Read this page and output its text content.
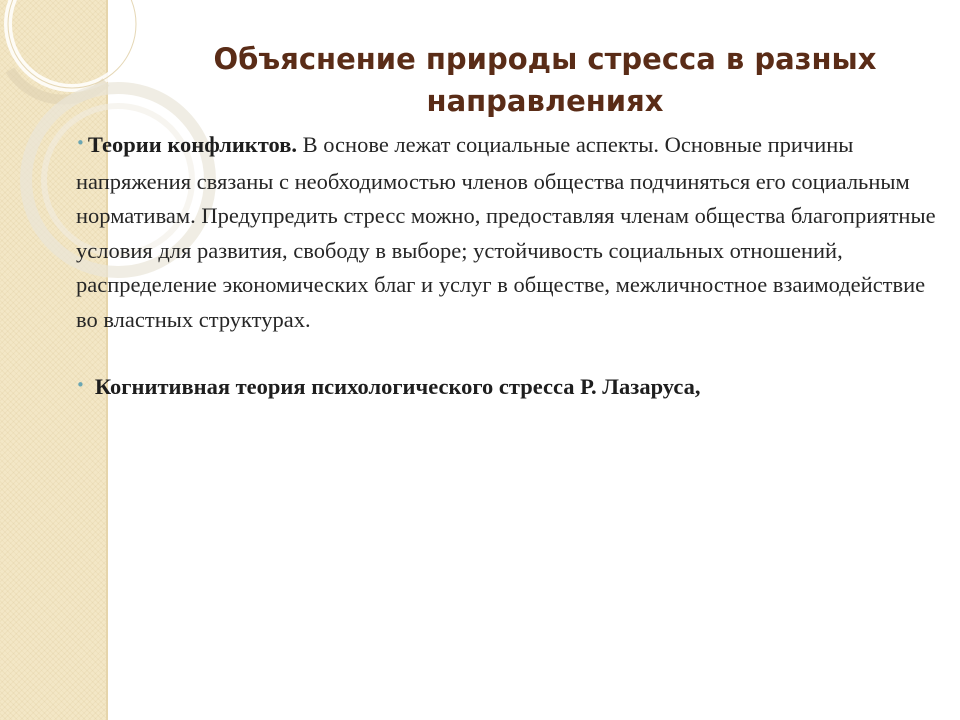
Объяснение природы стресса в разных направлениях

• Теории конфликтов. В основе лежат социальные аспекты. Основные причины напряжения связаны с необходимостью членов общества подчиняться его социальным нормативам. Предупредить стресс можно, предоставляя членам общества благоприятные условия для развития, свободу в выборе; устойчивость социальных отношений, распределение экономических благ и услуг в обществе, межличностное взаимодействие во властных структурах.

• Когнитивная теория психологического стресса Р. Лазаруса,
